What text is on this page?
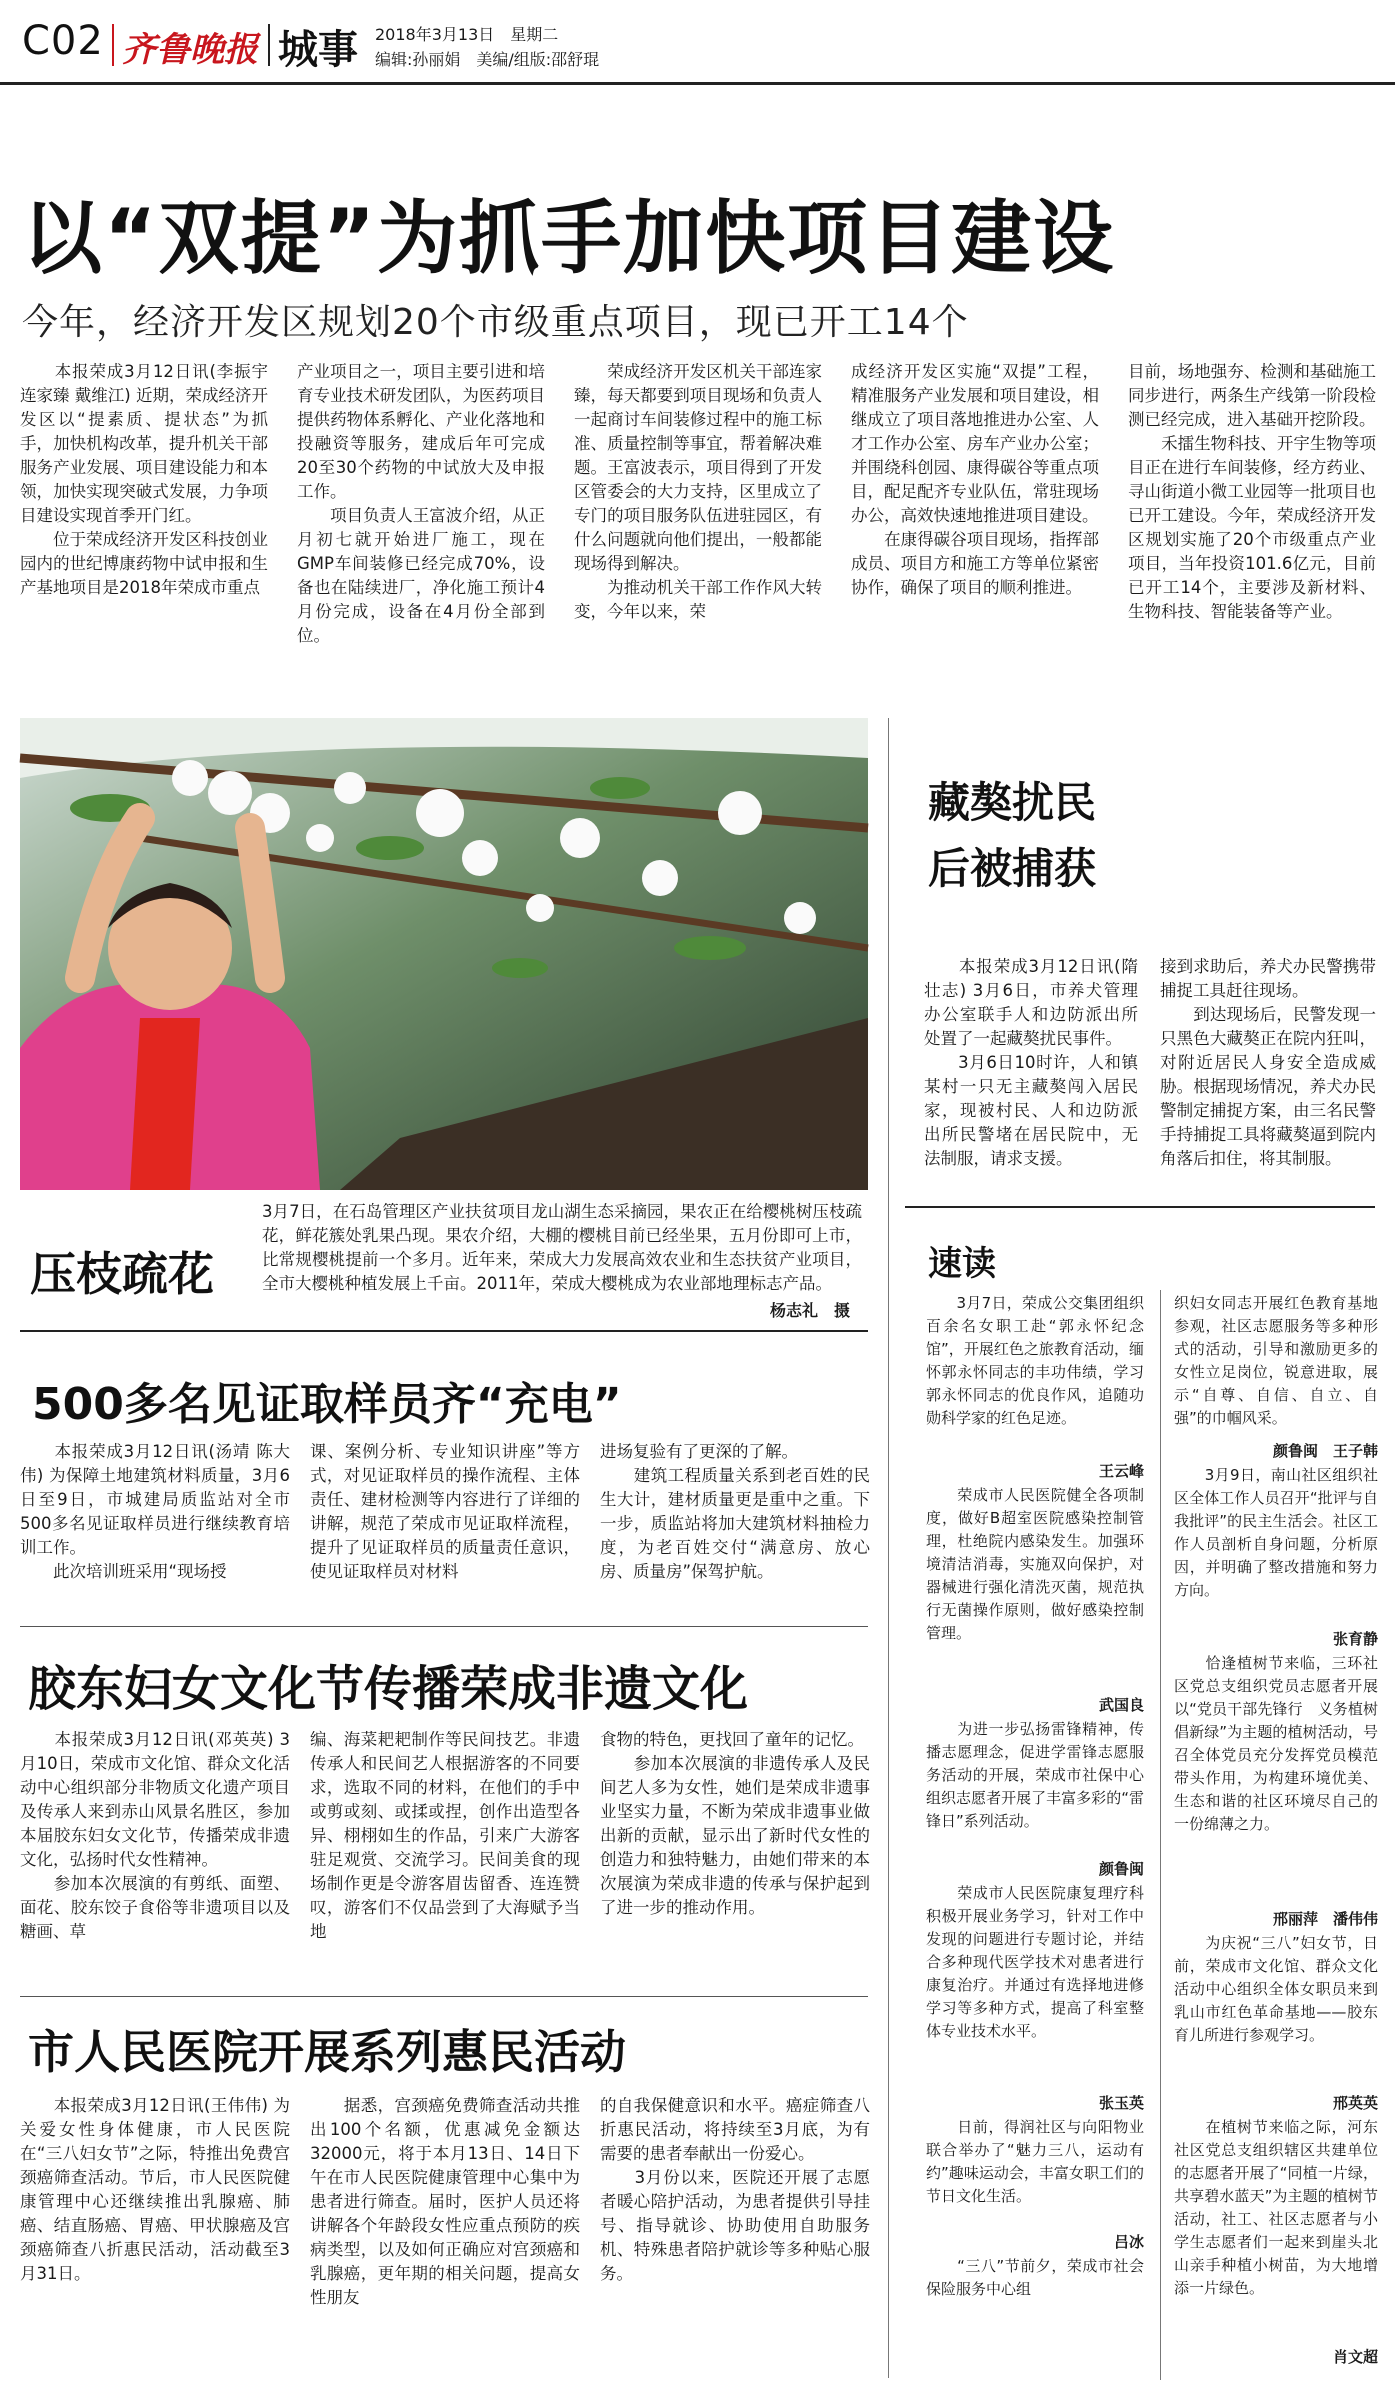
C02 齐鲁晚报 城事 2018年3月13日　星期二
编辑:孙丽娟　美编/组版:邵舒琨
以“双提”为抓手加快项目建设
今年，经济开发区规划20个市级重点项目，现已开工14个
　　本报荣成3月12日讯(李振宇 连家臻 戴维江) 近期，荣成经济开发区以“提素质、提状态”为抓手，加快机构改革，提升机关干部服务产业发展、项目建设能力和本领，加快实现突破式发展，力争项目建设实现首季开门红。
　　位于荣成经济开发区科技创业园内的世纪博康药物中试申报和生产基地项目是2018年荣成市重点
产业项目之一，项目主要引进和培育专业技术研发团队，为医药项目提供药物体系孵化、产业化落地和投融资等服务，建成后年可完成20至30个药物的中试放大及申报工作。
　　项目负责人王富波介绍，从正月初七就开始进厂施工，现在GMP车间装修已经完成70%，设备也在陆续进厂，净化施工预计4月份完成，设备在4月份全部到位。
　　荣成经济开发区机关干部连家臻，每天都要到项目现场和负责人一起商讨车间装修过程中的施工标准、质量控制等事宜，帮着解决难题。王富波表示，项目得到了开发区管委会的大力支持，区里成立了专门的项目服务队伍进驻园区，有什么问题就向他们提出，一般都能现场得到解决。
　　为推动机关干部工作作风大转变，今年以来，荣
成经济开发区实施“双提”工程，精准服务产业发展和项目建设，相继成立了项目落地推进办公室、人才工作办公室、房车产业办公室；并围绕科创园、康得碳谷等重点项目，配足配齐专业队伍，常驻现场办公，高效快速地推进项目建设。
　　在康得碳谷项目现场，指挥部成员、项目方和施工方等单位紧密协作，确保了项目的顺利推进。
目前，场地强夯、检测和基础施工同步进行，两条生产线第一阶段检测已经完成，进入基础开挖阶段。
　　禾擂生物科技、开宇生物等项目正在进行车间装修，经方药业、寻山街道小微工业园等一批项目也已开工建设。今年，荣成经济开发区规划实施了20个市级重点产业项目，当年投资101.6亿元，目前已开工14个，主要涉及新材料、生物科技、智能装备等产业。
压枝疏花
3月7日，在石岛管理区产业扶贫项目龙山湖生态采摘园，果农正在给樱桃树压枝疏花，鲜花簇处乳果凸现。果农介绍，大棚的樱桃目前已经坐果，五月份即可上市，比常规樱桃提前一个多月。近年来，荣成大力发展高效农业和生态扶贫产业项目，全市大樱桃种植发展上千亩。2011年，荣成大樱桃成为农业部地理标志产品。
杨志礼　摄
500多名见证取样员齐“充电”
　　本报荣成3月12日讯(汤靖 陈大伟) 为保障土地建筑材料质量，3月6日至9日，市城建局质监站对全市500多名见证取样员进行继续教育培训工作。
　　此次培训班采用“现场授
课、案例分析、专业知识讲座”等方式，对见证取样员的操作流程、主体责任、建材检测等内容进行了详细的讲解，规范了荣成市见证取样流程，提升了见证取样员的质量责任意识，使见证取样员对材料
进场复验有了更深的了解。
　　建筑工程质量关系到老百姓的民生大计，建材质量更是重中之重。下一步，质监站将加大建筑材料抽检力度，为老百姓交付“满意房、放心房、质量房”保驾护航。
胶东妇女文化节传播荣成非遗文化
　　本报荣成3月12日讯(邓英英) 3月10日，荣成市文化馆、群众文化活动中心组织部分非物质文化遗产项目及传承人来到赤山风景名胜区，参加本届胶东妇女文化节，传播荣成非遗文化，弘扬时代女性精神。
　　参加本次展演的有剪纸、面塑、面花、胶东饺子食俗等非遗项目以及糖画、草
编、海菜耙耙制作等民间技艺。非遗传承人和民间艺人根据游客的不同要求，选取不同的材料，在他们的手中或剪或刻、或揉或捏，创作出造型各异、栩栩如生的作品，引来广大游客驻足观赏、交流学习。民间美食的现场制作更是令游客眉齿留香、连连赞叹，游客们不仅品尝到了大海赋予当地
食物的特色，更找回了童年的记忆。
　　参加本次展演的非遗传承人及民间艺人多为女性，她们是荣成非遗事业坚实力量，不断为荣成非遗事业做出新的贡献，显示出了新时代女性的创造力和独特魅力，由她们带来的本次展演为荣成非遗的传承与保护起到了进一步的推动作用。
市人民医院开展系列惠民活动
　　本报荣成3月12日讯(王伟伟) 为关爱女性身体健康，市人民医院在“三八妇女节”之际，特推出免费宫颈癌筛查活动。节后，市人民医院健康管理中心还继续推出乳腺癌、肺癌、结直肠癌、胃癌、甲状腺癌及宫颈癌筛查八折惠民活动，活动截至3月31日。
　　据悉，宫颈癌免费筛查活动共推出100个名额，优惠减免金额达32000元，将于本月13日、14日下午在市人民医院健康管理中心集中为患者进行筛查。届时，医护人员还将讲解各个年龄段女性应重点预防的疾病类型，以及如何正确应对宫颈癌和乳腺癌，更年期的相关问题，提高女性朋友
的自我保健意识和水平。癌症筛查八折惠民活动，将持续至3月底，为有需要的患者奉献出一份爱心。
　　3月份以来，医院还开展了志愿者暖心陪护活动，为患者提供引导挂号、指导就诊、协助使用自助服务机、特殊患者陪护就诊等多种贴心服务。
藏獒扰民
后被捕获
　　本报荣成3月12日讯(隋壮志) 3月6日，市养犬管理办公室联手人和边防派出所处置了一起藏獒扰民事件。
　　3月6日10时许，人和镇某村一只无主藏獒闯入居民家，现被村民、人和边防派出所民警堵在居民院中，无法制服，请求支援。
接到求助后，养犬办民警携带捕捉工具赶往现场。
　　到达现场后，民警发现一只黑色大藏獒正在院内狂叫，对附近居民人身安全造成威胁。根据现场情况，养犬办民警制定捕捉方案，由三名民警手持捕捉工具将藏獒逼到院内角落后扣住，将其制服。
速读
　　3月7日，荣成公交集团组织百余名女职工赴“郭永怀纪念馆”，开展红色之旅教育活动，缅怀郭永怀同志的丰功伟绩，学习郭永怀同志的优良作风，追随功勋科学家的红色足迹。
王云峰
　　荣成市人民医院健全各项制度，做好B超室医院感染控制管理，杜绝院内感染发生。加强环境清洁消毒，实施双向保护，对器械进行强化清洗灭菌，规范执行无菌操作原则，做好感染控制管理。
武国良
　　为进一步弘扬雷锋精神，传播志愿理念，促进学雷锋志愿服务活动的开展，荣成市社保中心组织志愿者开展了丰富多彩的“雷锋日”系列活动。
颜鲁闽
　　荣成市人民医院康复理疗科积极开展业务学习，针对工作中发现的问题进行专题讨论，并结合多种现代医学技术对患者进行康复治疗。并通过有选择地进修学习等多种方式，提高了科室整体专业技术水平。
张玉英
　　日前，得润社区与向阳物业联合举办了“魅力三八，运动有约”趣味运动会，丰富女职工们的节日文化生活。
吕冰
　　“三八”节前夕，荣成市社会保险服务中心组
织妇女同志开展红色教育基地参观，社区志愿服务等多种形式的活动，引导和激励更多的女性立足岗位，锐意进取，展示“自尊、自信、自立、自强”的巾帼风采。
颜鲁闽　王子韩
　　3月9日，南山社区组织社区全体工作人员召开“批评与自我批评”的民主生活会。社区工作人员剖析自身问题，分析原因，并明确了整改措施和努力方向。
张育静
　　恰逢植树节来临，三环社区党总支组织党员志愿者开展以“党员干部先锋行　义务植树倡新绿”为主题的植树活动，号召全体党员充分发挥党员模范带头作用，为构建环境优美、生态和谐的社区环境尽自己的一份绵薄之力。
邢丽萍　潘伟伟
　　为庆祝“三八”妇女节，日前，荣成市文化馆、群众文化活动中心组织全体女职员来到乳山市红色革命基地——胶东育儿所进行参观学习。
邢英英
　　在植树节来临之际，河东社区党总支组织辖区共建单位的志愿者开展了“同植一片绿，共享碧水蓝天”为主题的植树节活动，社工、社区志愿者与小学生志愿者们一起来到崖头北山亲手种植小树苗，为大地增添一片绿色。
肖文超
